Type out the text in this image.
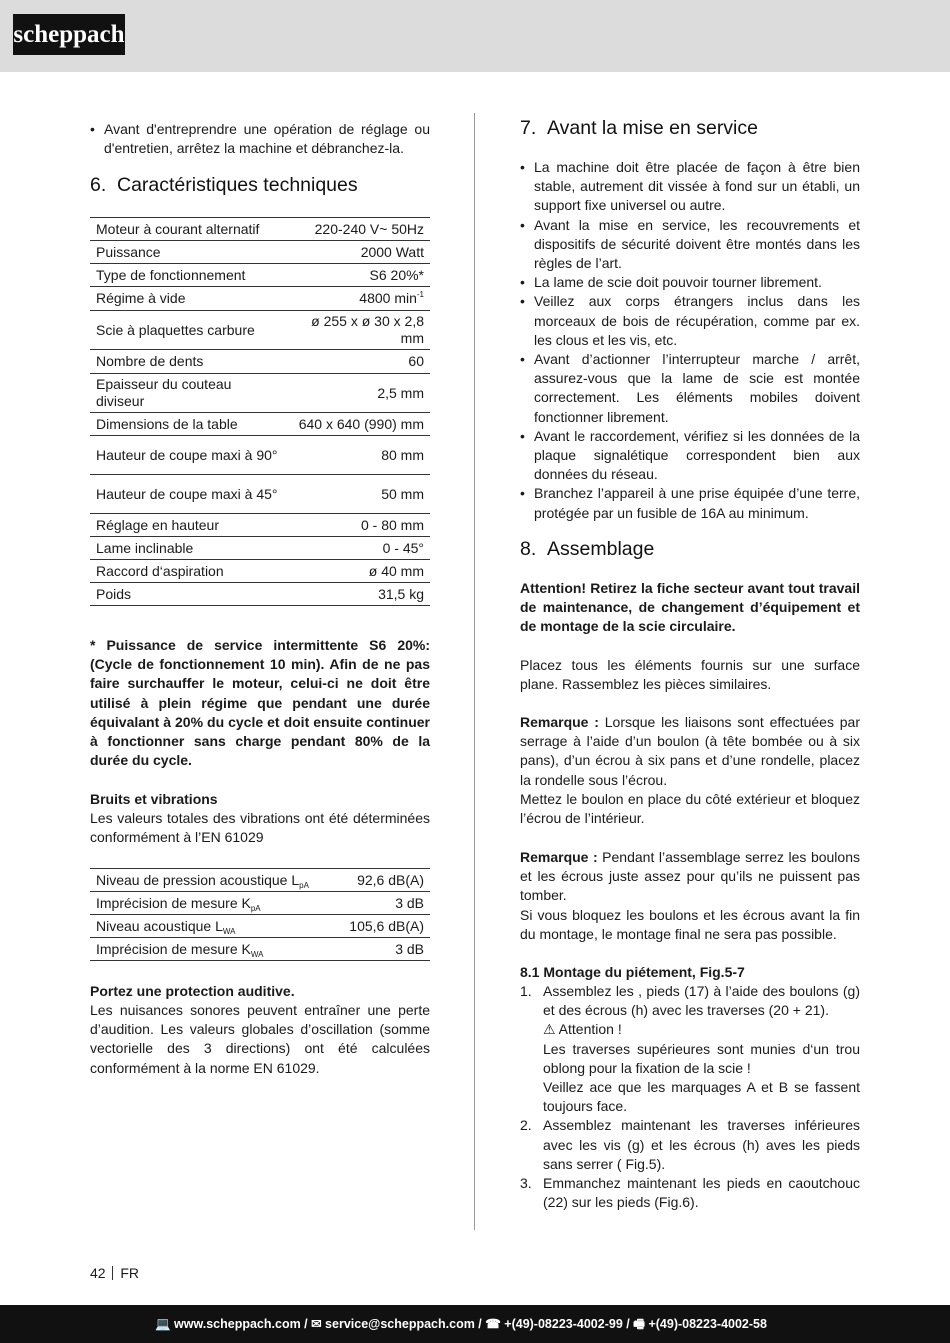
scheppach
• Avant d'entreprendre une opération de réglage ou d'entretien, arrêtez la machine et débranchez-la.
6. Caractéristiques techniques
Moteur à courant alternatif	220-240 V~ 50Hz
Puissance	2000 Watt
Type de fonctionnement	S6 20%*
Régime à vide	4800 $\min^{-1}$
Scie à plaquettes carbure	ø 255 x ø 30 x 2,8 mm
Nombre de dents	60
Epaisseur du couteau diviseur	2,5 mm
Dimensions de la table	640 x 640 (990) mm
Hauteur de coupe maxi à 90°	80 mm
Hauteur de coupe maxi à 45°	50 mm
Réglage en hauteur	0 - 80 mm
Lame inclinable	0 - 45°
Raccord d‘aspiration	ø 40 mm
Poids	31,5 kg

* Puissance de service intermittente S6 20%: (Cycle de fonctionnement 10 min). Afin de ne pas faire surchauffer le moteur, celui-ci ne doit être utilisé à plein régime que pendant une durée équivalant à 20% du cycle et doit ensuite continuer à fonctionner sans charge pendant 80% de la durée du cycle.

Bruits et vibrations

Les valeurs totales des vibrations ont été déterminées conformément à l’EN 61029

Niveau de pression acoustique $L_{pA}$	92,6 dB(A)
Imprécision de mesure $K_{pA}$	3 dB
Niveau acoustique $L_{WA}$	105,6 dB(A)
Imprécision de mesure $K_{WA}$	3 dB

Portez une protection auditive.

Les nuisances sonores peuvent entraîner une perte d’audition. Les valeurs globales d’oscillation (somme vectorielle des 3 directions) ont été calculées conformément à la norme EN 61029.

7. Avant la mise en service
• La machine doit être placée de façon à être bien stable, autrement dit vissée à fond sur un établi, un support fixe universel ou autre.
• Avant la mise en service, les recouvrements et dispositifs de sécurité doivent être montés dans les règles de l’art.
• La lame de scie doit pouvoir tourner librement.
• Veillez aux corps étrangers inclus dans les morceaux de bois de récupération, comme par ex. les clous et les vis, etc.
• Avant d’actionner l’interrupteur marche / arrêt, assurez-vous que la lame de scie est montée correctement. Les éléments mobiles doivent fonctionner librement.
• Avant le raccordement, vérifiez si les données de la plaque signalétique correspondent bien aux données du réseau.
• Branchez l’appareil à une prise équipée d’une terre, protégée par un fusible de 16A au minimum.
8. Assemblage

Attention! Retirez la fiche secteur avant tout travail de maintenance, de changement d’équipement et de montage de la scie circulaire.

Placez tous les éléments fournis sur une surface plane. Rassemblez les pièces similaires.

Remarque : Lorsque les liaisons sont effectuées par serrage à l’aide d’un boulon (à tête bombée ou à six pans), d’un écrou à six pans et d’une rondelle, placez la rondelle sous l’écrou.

Mettez le boulon en place du côté extérieur et bloquez l’écrou de l’intérieur.

Remarque : Pendant l’assemblage serrez les boulons et les écrous juste assez pour qu’ils ne puissent pas tomber.

Si vous bloquez les boulons et les écrous avant la fin du montage, le montage final ne sera pas possible.

8.1 Montage du piétement, Fig.5-7

1. Assemblez les , pieds (17) à l’aide des boulons (g) et des écrous (h) avec les traverses (20 + 21).
⚠ Attention !
Les traverses supérieures sont munies d‘un trou oblong pour la fixation de la scie !
Veillez ace que les marquages A et B se fassent toujours face.
2. Assemblez maintenant les traverses inférieures avec les vis (g) et les écrous (h) aves les pieds sans serrer ( Fig.5).
3. Emmanchez maintenant les pieds en caoutchouc (22) sur les pieds (Fig.6).
42 FR
💻 www.scheppach.com / ✉ service@scheppach.com / ☎ +(49)-08223-4002-99 / 🖷 +(49)-08223-4002-58
